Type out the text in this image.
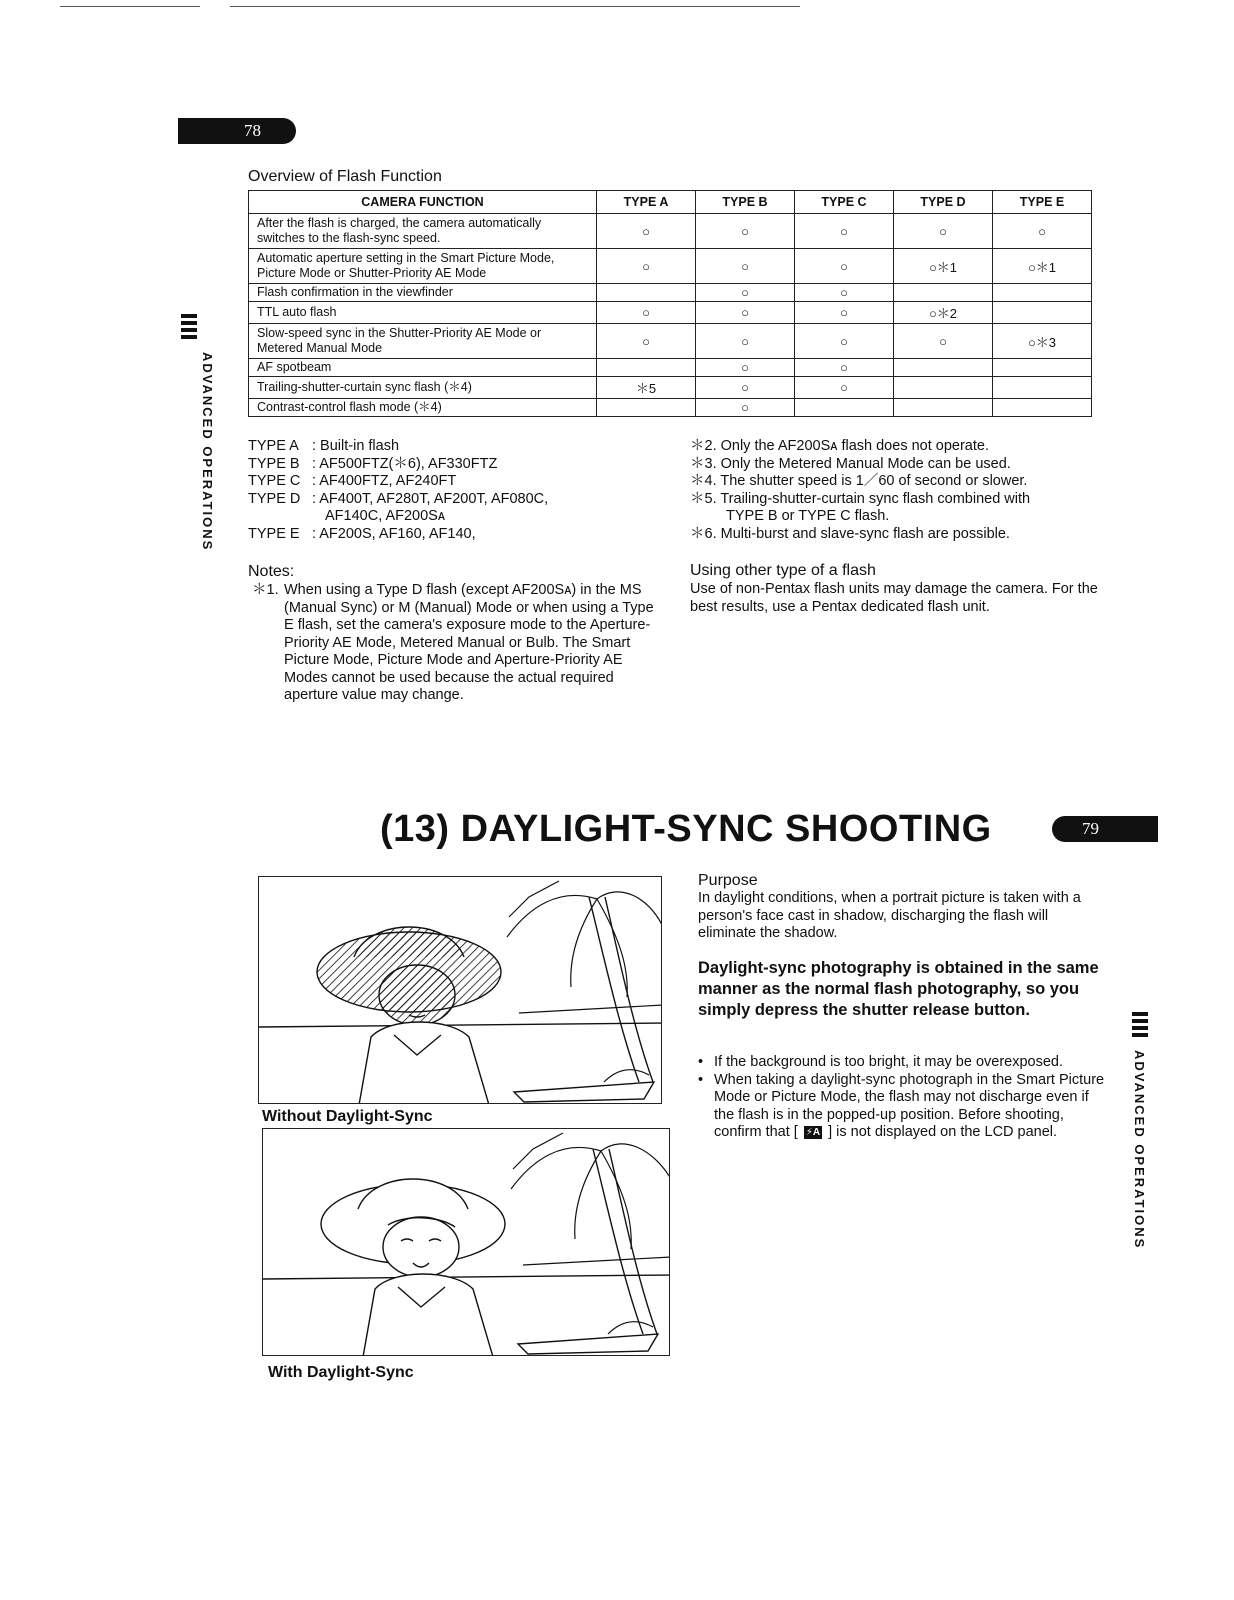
78
ADVANCED OPERATIONS
Overview of Flash Function
CAMERA FUNCTION	TYPE A	TYPE B	TYPE C	TYPE D	TYPE E
After the flash is charged, the camera automatically switches to the flash-sync speed.	○	○	○	○	○
Automatic aperture setting in the Smart Picture Mode, Picture Mode or Shutter-Priority AE Mode	○	○	○	○＊1	○＊1
Flash confirmation in the viewfinder		○	○		
TTL auto flash	○	○	○	○＊2	
Slow-speed sync in the Shutter-Priority AE Mode or Metered Manual Mode	○	○	○	○	○＊3
AF spotbeam		○	○		
Trailing-shutter-curtain sync flash (＊4)	＊5	○	○		
Contrast-control flash mode (＊4)		○			
TYPE A : Built-in flash
TYPE B : AF500FTZ(＊6), AF330FTZ
TYPE C : AF400FTZ, AF240FT
TYPE D : AF400T, AF280T, AF200T, AF080C,
AF140C, AF200Sᴀ
TYPE E : AF200S, AF160, AF140,
＊2. Only the AF200Sᴀ flash does not operate.
＊3. Only the Metered Manual Mode can be used.
＊4. The shutter speed is 1／60 of second or slower.
＊5. Trailing-shutter-curtain sync flash combined with
TYPE B or TYPE C flash.
＊6. Multi-burst and slave-sync flash are possible.
Notes:
＊1. When using a Type D flash (except AF200Sᴀ) in the MS (Manual Sync) or M (Manual) Mode or when using a Type E flash, set the camera's exposure mode to the Aperture-Priority AE Mode, Metered Manual or Bulb. The Smart Picture Mode, Picture Mode and Aperture-Priority AE Modes cannot be used because the actual required aperture value may change.
Using other type of a flash
Use of non-Pentax flash units may damage the camera. For the best results, use a Pentax dedicated flash unit.
(13) DAYLIGHT-SYNC SHOOTING	79
ADVANCED OPERATIONS
Without Daylight-Sync
With Daylight-Sync
Purpose
In daylight conditions, when a portrait picture is taken with a person's face cast in shadow, discharging the flash will eliminate the shadow.
Daylight-sync photography is obtained in the same manner as the normal flash photography, so you simply depress the shutter release button.
• If the background is too bright, it may be overexposed.
• When taking a daylight-sync photograph in the Smart Picture Mode or Picture Mode, the flash may not discharge even if the flash is in the popped-up position. Before shooting, confirm that [ ⚡A ] is not displayed on the LCD panel.
